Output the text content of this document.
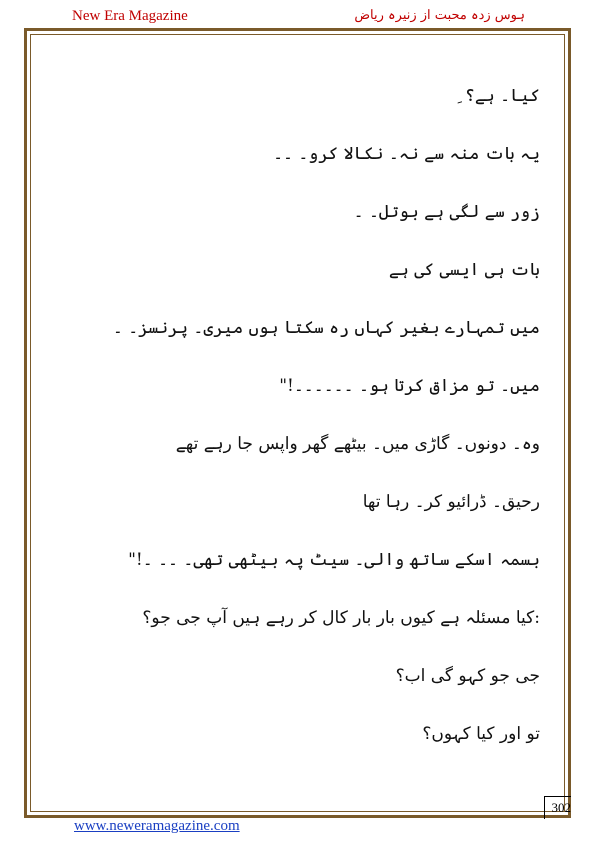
New Era Magazine	ہوس زدہ محبت از زنیرہ ریاض
کیا۔ ہے؟ ِ
یہ بات منہ سے نہ۔ نکالا کرو۔ ۔۔
زور سے لگی ہے بوتل۔ ۔
بات ہی ایسی کی ہے
میں تمہارے بغیر کہاں رہ سکتا ہوں میری۔ پرنسز۔ ۔
میں۔ تو مزاق کرتا ہو۔ ۔۔۔۔۔۔!"
وہ۔ دونوں۔ گاڑی میں۔ بیٹھے گھر واپس جا رہے تھے
رحیق۔ ڈرائیو کر۔ رہا تھا
بسمہ اسکے ساتھ والی۔ سیٹ پہ بیٹھی تھی۔ ۔۔ ۔!"
:کیا مسئلہ ہے کیوں بار بار کال کر رہے ہیں آپ جی جو؟
جی جو کہو گی اب؟
تو اور کیا کہوں؟
302
www.neweramagazine.com
